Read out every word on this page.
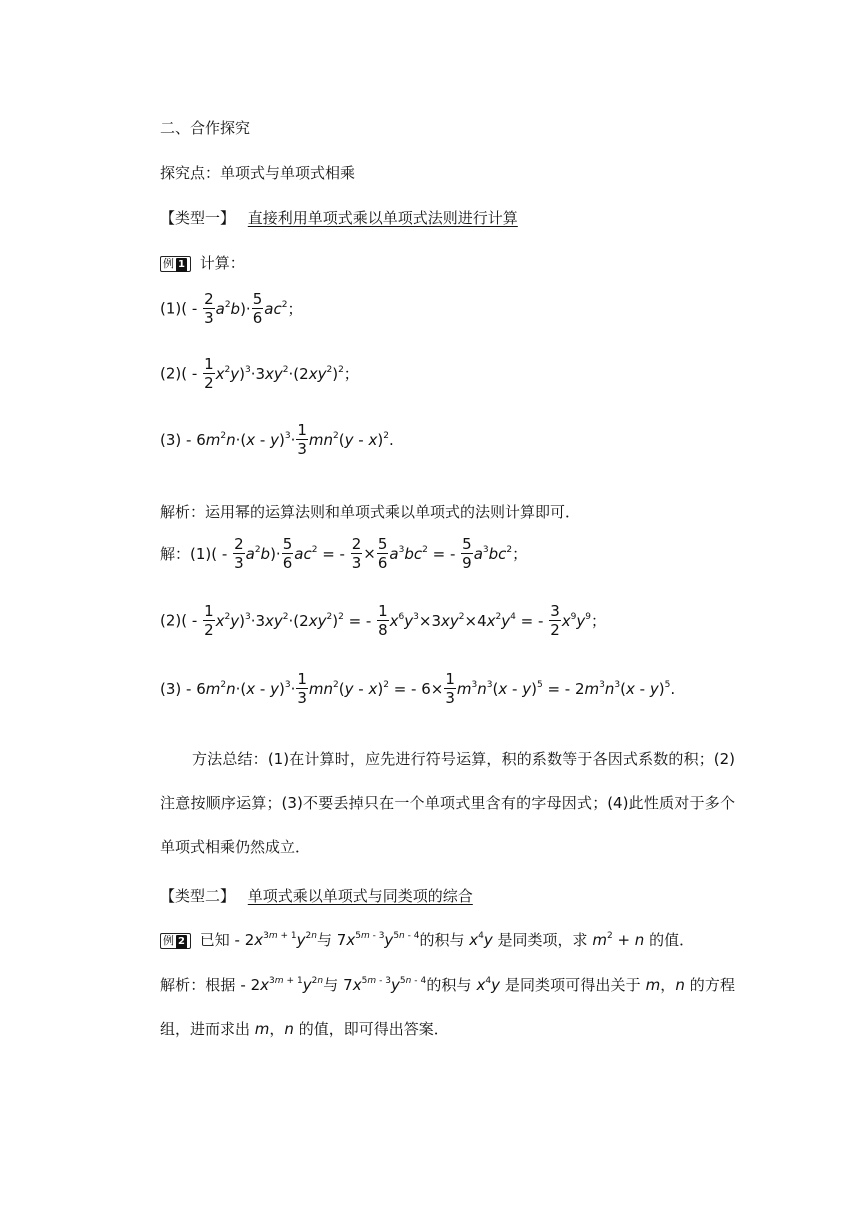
二、合作探究
探究点：单项式与单项式相乘
【类型一】 直接利用单项式乘以单项式法则进行计算
例 1 计算：
$(1)( - \frac{2}{3} a^2b)\cdot \frac{5}{6} ac^2$；
$(2)( - \frac{1}{2} x^2y)^3\cdot 3xy^2\cdot(2xy^2)^2$；
$(3) - 6m^2n\cdot(x - y)^3\cdot \frac{1}{3} mn^2(y - x)^2$.
解析：运用幂的运算法则和单项式乘以单项式的法则计算即可．
解：$(1)( - \frac{2}{3} a^2b)\cdot \frac{5}{6} ac^2$ = - $\frac{2}{3} \times \frac{5}{6} a^3bc^2$ = - $\frac{5}{9} a^3bc^2$；
$(2)( - \frac{1}{2} x^2y)^3\cdot 3xy^2\cdot(2xy^2)^2$ = - $\frac{1}{8} x^6y^3\times 3xy^2\times 4x^2y^4$ = - $\frac{3}{2} x^9y^9$；
$(3) - 6m^2n\cdot(x - y)^3\cdot \frac{1}{3} mn^2(y - x)^2$ = - $6\times \frac{1}{3} m^3n^3(x - y)^5$ = - $2m^3n^3(x - y)^5$.
方法总结：(1)在计算时，应先进行符号运算，积的系数等于各因式系数的积；(2)注意按顺序运算；(3)不要丢掉只在一个单项式里含有的字母因式；(4)此性质对于多个单项式相乘仍然成立．
【类型二】 单项式乘以单项式与同类项的综合
例 2 已知 - $2x^{3m + 1}y^{2n}$与 $7x^{5m - 3}y^{5n - 4}$的积与 $x^4y$ 是同类项，求 $m^2 + n$ 的值．
解析：根据 - $2x^{3m + 1}y^{2n}$与 $7x^{5m - 3}y^{5n - 4}$的积与 $x^4y$ 是同类项可得出关于 m，n 的方程组，进而求出 m，n 的值，即可得出答案．
